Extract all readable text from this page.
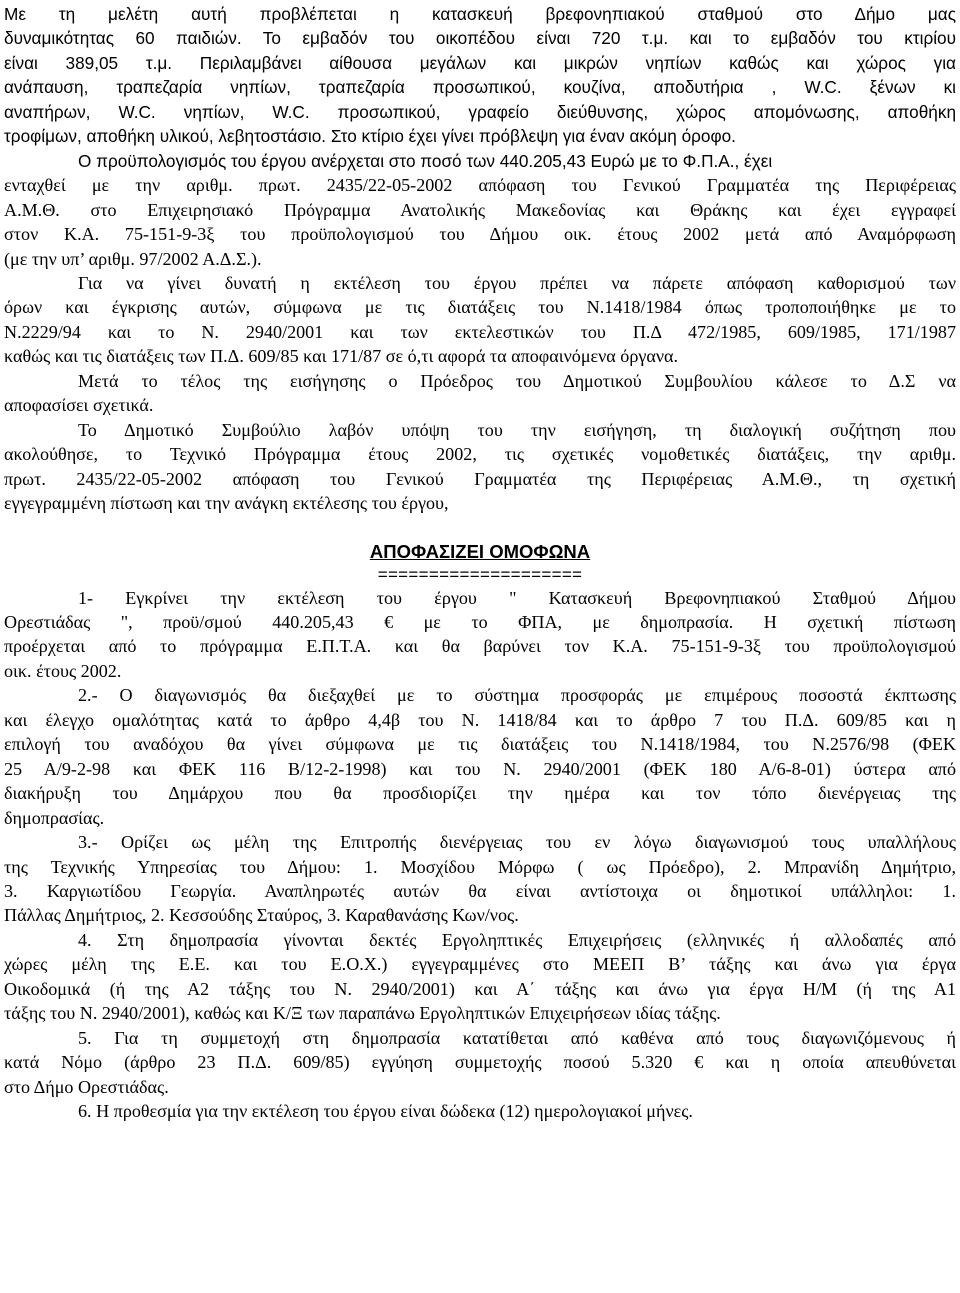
Με τη μελέτη αυτή προβλέπεται η κατασκευή βρεφονηπιακού σταθμού στο Δήμο μας
δυναμικότητας 60 παιδιών. Το εμβαδόν του οικοπέδου είναι 720 τ.μ. και το εμβαδόν του κτιρίου
είναι 389,05 τ.μ. Περιλαμβάνει αίθουσα μεγάλων και μικρών νηπίων καθώς και χώρος για
ανάπαυση, τραπεζαρία νηπίων, τραπεζαρία προσωπικού, κουζίνα, αποδυτήρια , W.C. ξένων κι
αναπήρων, W.C. νηπίων, W.C. προσωπικού, γραφείο διεύθυνσης, χώρος απομόνωσης, αποθήκη
τροφίμων, αποθήκη υλικού, λεβητοστάσιο. Στο κτίριο έχει γίνει πρόβλεψη για έναν ακόμη όροφο.
Ο προϋπολογισμός του έργου ανέρχεται στο ποσό των 440.205,43 Ευρώ με το Φ.Π.Α., έχει
ενταχθεί με την αριθμ. πρωτ. 2435/22-05-2002 απόφαση του Γενικού Γραμματέα της Περιφέρειας
Α.Μ.Θ. στο Επιχειρησιακό Πρόγραμμα Ανατολικής Μακεδονίας και Θράκης και έχει εγγραφεί
στον Κ.Α. 75-151-9-3ξ του προϋπολογισμού του Δήμου οικ. έτους 2002 μετά από Αναμόρφωση
(με την υπ’ αριθμ. 97/2002 Α.Δ.Σ.).
Για να γίνει δυνατή η εκτέλεση του έργου πρέπει να πάρετε απόφαση καθορισμού των
όρων και έγκρισης αυτών, σύμφωνα με τις διατάξεις του Ν.1418/1984 όπως τροποποιήθηκε με το
Ν.2229/94 και το Ν. 2940/2001 και των εκτελεστικών του Π.Δ 472/1985, 609/1985, 171/1987
καθώς και τις διατάξεις των Π.Δ. 609/85 και 171/87 σε ό,τι αφορά τα αποφαινόμενα όργανα.
Μετά το τέλος της εισήγησης ο Πρόεδρος του Δημοτικού Συμβουλίου κάλεσε το Δ.Σ να
αποφασίσει σχετικά.
Το Δημοτικό Συμβούλιο λαβόν υπόψη του την εισήγηση, τη διαλογική συζήτηση που
ακολούθησε, το Τεχνικό Πρόγραμμα έτους 2002, τις σχετικές νομοθετικές διατάξεις, την αριθμ.
πρωτ. 2435/22-05-2002 απόφαση του Γενικού Γραμματέα της Περιφέρειας Α.Μ.Θ., τη σχετική
εγγεγραμμένη πίστωση και την ανάγκη εκτέλεσης του έργου,
ΑΠΟΦΑΣΙΖΕΙ ΟΜΟΦΩΝΑ
====================
1- Εγκρίνει την εκτέλεση του έργου " Κατασκευή Βρεφονηπιακού Σταθμού Δήμου
Ορεστιάδας ", προϋ/σμού 440.205,43 € με το ΦΠΑ, με δημοπρασία. Η σχετική πίστωση
προέρχεται από το πρόγραμμα Ε.Π.Τ.Α. και θα βαρύνει τον Κ.Α. 75-151-9-3ξ του προϋπολογισμού
οικ. έτους 2002.
2.- Ο διαγωνισμός θα διεξαχθεί με το σύστημα προσφοράς με επιμέρους ποσοστά έκπτωσης
και έλεγχο ομαλότητας κατά το άρθρο 4,4β του Ν. 1418/84 και το άρθρο 7 του Π.Δ. 609/85 και η
επιλογή του αναδόχου θα γίνει σύμφωνα με τις διατάξεις του Ν.1418/1984, του Ν.2576/98 (ΦΕΚ
25 Α/9-2-98 και ΦΕΚ 116 Β/12-2-1998) και του Ν. 2940/2001 (ΦΕΚ 180 Α/6-8-01) ύστερα από
διακήρυξη του Δημάρχου που θα προσδιορίζει την ημέρα και τον τόπο διενέργειας της
δημοπρασίας.
3.- Ορίζει ως μέλη της Επιτροπής διενέργειας του εν λόγω διαγωνισμού τους υπαλλήλους
της Τεχνικής Υπηρεσίας του Δήμου: 1. Μοσχίδου Μόρφω ( ως Πρόεδρο), 2. Μπρανίδη Δημήτριο,
3. Καργιωτίδου Γεωργία. Αναπληρωτές αυτών θα είναι αντίστοιχα οι δημοτικοί υπάλληλοι: 1.
Πάλλας Δημήτριος, 2. Κεσσούδης Σταύρος, 3. Καραθανάσης Κων/νος.
4. Στη δημοπρασία γίνονται δεκτές Εργοληπτικές Επιχειρήσεις (ελληνικές ή αλλοδαπές από
χώρες μέλη της Ε.Ε. και του Ε.Ο.Χ.) εγγεγραμμένες στο ΜΕΕΠ Β’ τάξης και άνω για έργα
Οικοδομικά (ή της Α2 τάξης του Ν. 2940/2001) και Α΄ τάξης και άνω για έργα Η/Μ (ή της Α1
τάξης του Ν. 2940/2001), καθώς και Κ/Ξ των παραπάνω Εργοληπτικών Επιχειρήσεων ιδίας τάξης.
5. Για τη συμμετοχή στη δημοπρασία κατατίθεται από καθένα από τους διαγωνιζόμενους ή
κατά Νόμο (άρθρο 23 Π.Δ. 609/85) εγγύηση συμμετοχής ποσού 5.320 € και η οποία απευθύνεται
στο Δήμο Ορεστιάδας.
6. Η προθεσμία για την εκτέλεση του έργου είναι δώδεκα (12) ημερολογιακοί μήνες.
